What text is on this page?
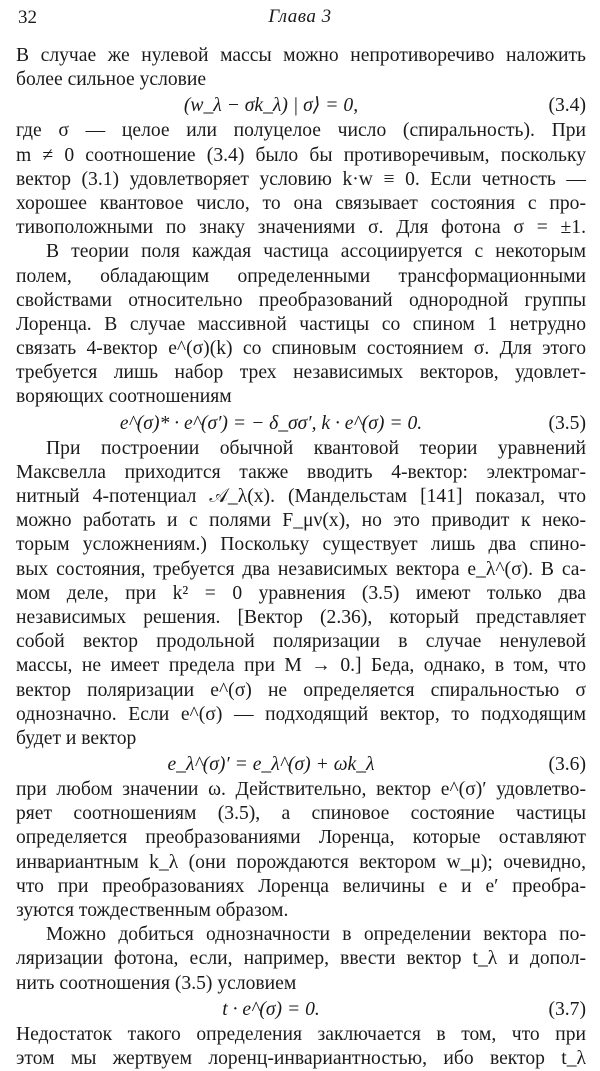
32	Глава 3
В случае же нулевой массы можно непротиворечиво наложить
более сильное условие
(w_λ − σk_λ) | σ⟩ = 0,	(3.4)
где σ — целое или полуцелое число (спиральность). При
m ≠ 0 соотношение (3.4) было бы противоречивым, поскольку
вектор (3.1) удовлетворяет условию k·w ≡ 0. Если четность —
хорошее квантовое число, то она связывает состояния с про-
тивоположными по знаку значениями σ. Для фотона σ = ±1.
В теории поля каждая частица ассоциируется с некоторым
полем, обладающим определенными трансформационными
свойствами относительно преобразований однородной группы
Лоренца. В случае массивной частицы со спином 1 нетрудно
связать 4-вектор e^(σ)(k) со спиновым состоянием σ. Для этого
требуется лишь набор трех независимых векторов, удовлет-
воряющих соотношениям
e^(σ)* · e^(σ′) = − δ_σσ′, k · e^(σ) = 0.	(3.5)
При построении обычной квантовой теории уравнений
Максвелла приходится также вводить 4-вектор: электромаг-
нитный 4-потенциал 𝒜_λ(x). (Мандельстам [141] показал, что
можно работать и с полями F_μν(x), но это приводит к неко-
торым усложнениям.) Поскольку существует лишь два спино-
вых состояния, требуется два независимых вектора e_λ^(σ). В са-
мом деле, при k² = 0 уравнения (3.5) имеют только два
независимых решения. [Вектор (2.36), который представляет
собой вектор продольной поляризации в случае ненулевой
массы, не имеет предела при M → 0.] Беда, однако, в том, что
вектор поляризации e^(σ) не определяется спиральностью σ
однозначно. Если e^(σ) — подходящий вектор, то подходящим
будет и вектор
e_λ^(σ)′ = e_λ^(σ) + ωk_λ	(3.6)
при любом значении ω. Действительно, вектор e^(σ)′ удовлетво-
ряет соотношениям (3.5), а спиновое состояние частицы
определяется преобразованиями Лоренца, которые оставляют
инвариантным k_λ (они порождаются вектором w_μ); очевидно,
что при преобразованиях Лоренца величины e и e′ преобра-
зуются тождественным образом.
Можно добиться однозначности в определении вектора по-
ляризации фотона, если, например, ввести вектор t_λ и допол-
нить соотношения (3.5) условием
t · e^(σ) = 0.	(3.7)
Недостаток такого определения заключается в том, что при
этом мы жертвуем лоренц-инвариантностью, ибо вектор t_λ
